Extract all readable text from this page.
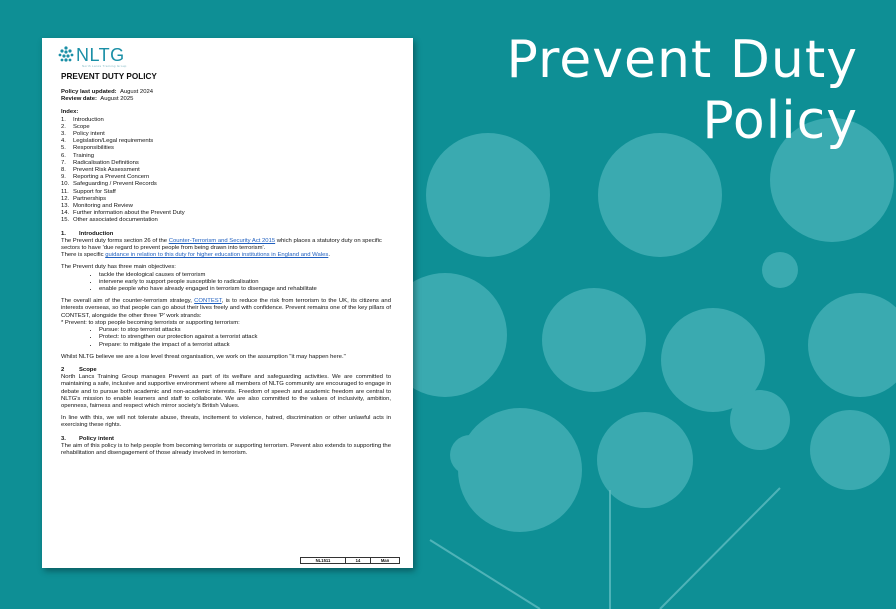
Prevent Duty
Policy
NLTG
North Lancs Training Group
PREVENT DUTY POLICY
Policy last updated: August 2024
Review date: August 2025
Index:
1. Introduction
2. Scope
3. Policy intent
4. Legislation/Legal requirements
5. Responsibilities
6. Training
7. Radicalisation Definitions
8. Prevent Risk Assessment
9. Reporting a Prevent Concern
10. Safeguarding / Prevent Records
11. Support for Staff
12. Partnerships
13. Monitoring and Review
14. Further information about the Prevent Duty
15. Other associated documentation
1. Introduction
The Prevent duty forms section 26 of the Counter-Terrorism and Security Act 2015 which places a statutory duty on specific sectors to have 'due regard to prevent people from being drawn into terrorism'.
There is specific guidance in relation to this duty for higher education institutions in England and Wales.
The Prevent duty has three main objectives:
• tackle the ideological causes of terrorism
• intervene early to support people susceptible to radicalisation
• enable people who have already engaged in terrorism to disengage and rehabilitate
The overall aim of the counter-terrorism strategy, CONTEST, is to reduce the risk from terrorism to the UK, its citizens and interests overseas, so that people can go about their lives freely and with confidence. Prevent remains one of the key pillars of CONTEST, alongside the other three 'P' work strands:
* Prevent: to stop people becoming terrorists or supporting terrorism:
• Pursue: to stop terrorist attacks
• Protect: to strengthen our protection against a terrorist attack
• Prepare: to mitigate the impact of a terrorist attack
Whilst NLTG believe we are a low level threat organisation, we work on the assumption "it may happen here."
2 Scope
North Lancs Training Group manages Prevent as part of its welfare and safeguarding activities. We are committed to maintaining a safe, inclusive and supportive environment where all members of NLTG community are encouraged to engage in debate and to pursue both academic and non-academic interests. Freedom of speech and academic freedom are central to NLTG's mission to enable learners and staff to collaborate. We are also committed to the values of inclusivity, ambition, openness, fairness and respect which mirror society's British Values.
In line with this, we will not tolerate abuse, threats, incitement to violence, hatred, discrimination or other unlawful acts in exercising these rights.
3. Policy intent
The aim of this policy is to help people from becoming terrorists or supporting terrorism. Prevent also extends to supporting the rehabilitation and disengagement of those already involved in terrorism.
NL1511	14	Man
